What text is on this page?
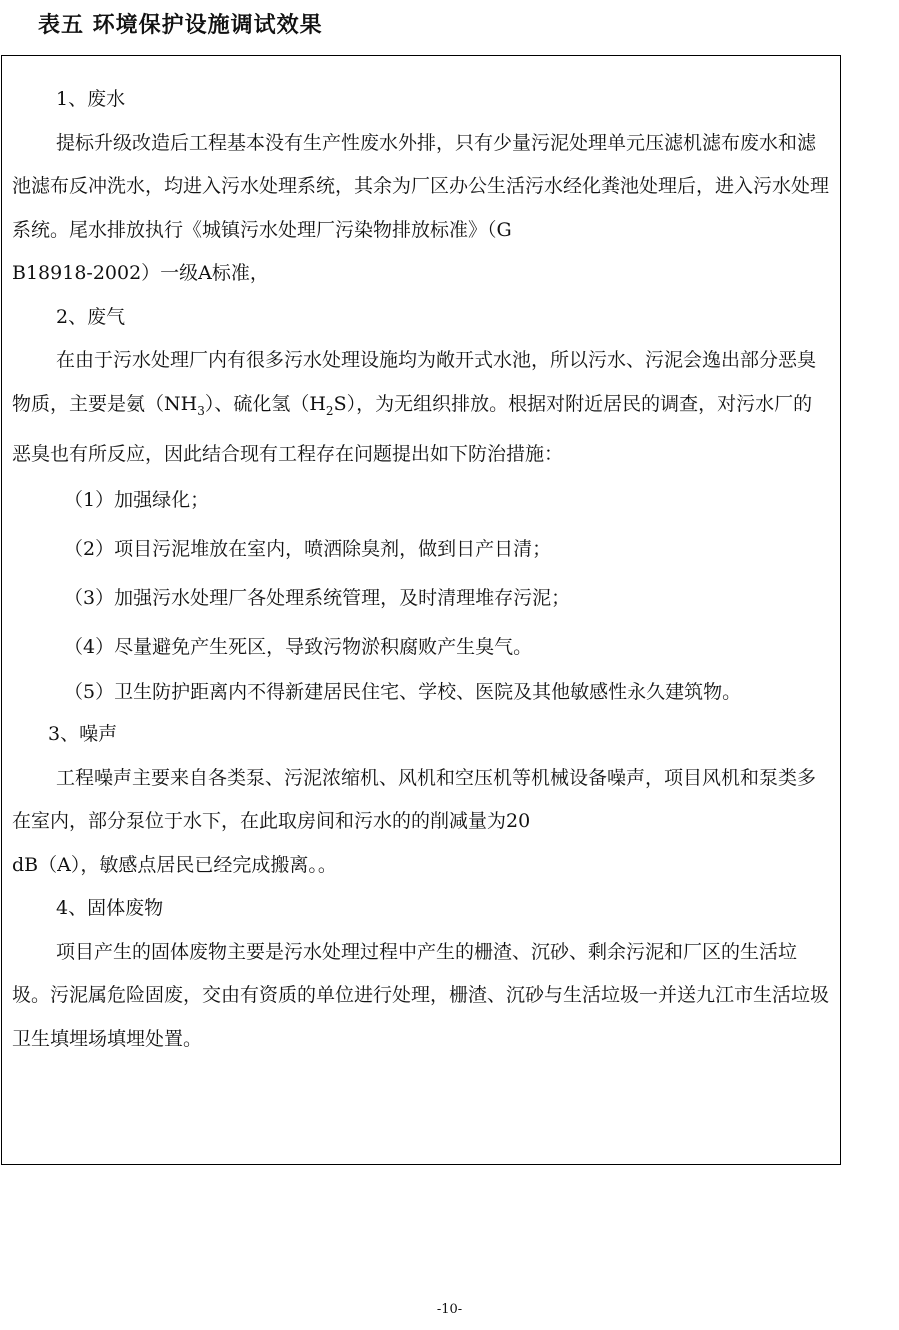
表五 环境保护设施调试效果

1、废水

提标升级改造后工程基本没有生产性废水外排，只有少量污泥处理单元压滤机滤布废水和滤池滤布反冲洗水，均进入污水处理系统，其余为厂区办公生活污水经化粪池处理后，进入污水处理系统。尾水排放执行《城镇污水处理厂污染物排放标准》（G

B18918-2002）一级A标准，

2、废气

在由于污水处理厂内有很多污水处理设施均为敞开式水池，所以污水、污泥会逸出部分恶臭物质，主要是氨$(NH_3)$、硫化氢$(H_2S)$，为无组织排放。根据对附近居民的调查，对污水厂的恶臭也有所反应，因此结合现有工程存在问题提出如下防治措施：

（1）加强绿化；

（2）项目污泥堆放在室内，喷洒除臭剂，做到日产日清；

（3）加强污水处理厂各处理系统管理，及时清理堆存污泥；

（4）尽量避免产生死区，导致污物淤积腐败产生臭气。

（5）卫生防护距离内不得新建居民住宅、学校、医院及其他敏感性永久建筑物。

3、噪声

工程噪声主要来自各类泵、污泥浓缩机、风机和空压机等机械设备噪声，项目风机和泵类多在室内，部分泵位于水下，在此取房间和污水的的削减量为20

dB（A），敏感点居民已经完成搬离。。

4、固体废物

项目产生的固体废物主要是污水处理过程中产生的栅渣、沉砂、剩余污泥和厂区的生活垃圾。污泥属危险固废，交由有资质的单位进行处理，栅渣、沉砂与生活垃圾一并送九江市生活垃圾卫生填埋场填埋处置。

-10-
